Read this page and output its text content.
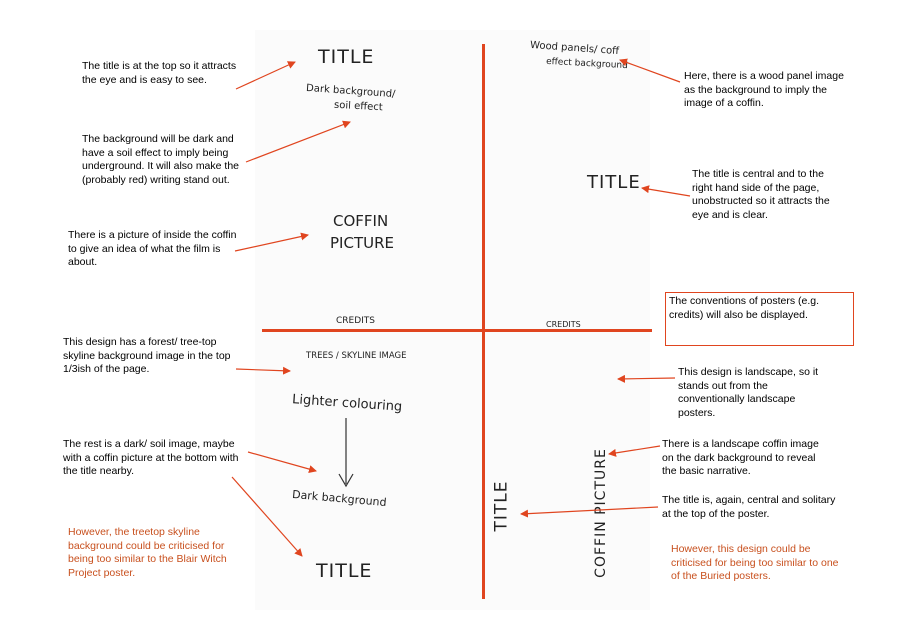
TITLE
Dark background/
soil effect
COFFIN
PICTURE
CREDITS
Wood panels/ coff
effect background
TITLE
CREDITS
TREES / SKYLINE IMAGE
Lighter colouring
Dark background
TITLE
TITLE	COFFIN PICTURE

The title is at the top so it attracts the eye and is easy to see.

The background will be dark and have a soil effect to imply being underground. It will also make the (probably red) writing stand out.

There is a picture of inside the coffin to give an idea of what the film is about.

This design has a forest/ tree-top skyline background image in the top 1/3ish of the page.

The rest is a dark/ soil image, maybe with a coffin picture at the bottom with the title nearby.

However, the treetop skyline background could be criticised for being too similar to the Blair Witch Project poster.

Here, there is a wood panel image as the background to imply the image of a coffin.

The title is central and to the right hand side of the page, unobstructed so it attracts the eye and is clear.

The conventions of posters (e.g. credits) will also be displayed.

This design is landscape, so it stands out from the conventionally landscape posters.

There is a landscape coffin image on the dark background to reveal the basic narrative.

The title is, again, central and solitary at the top of the poster.

However, this design could be criticised for being too similar to one of the Buried posters.
